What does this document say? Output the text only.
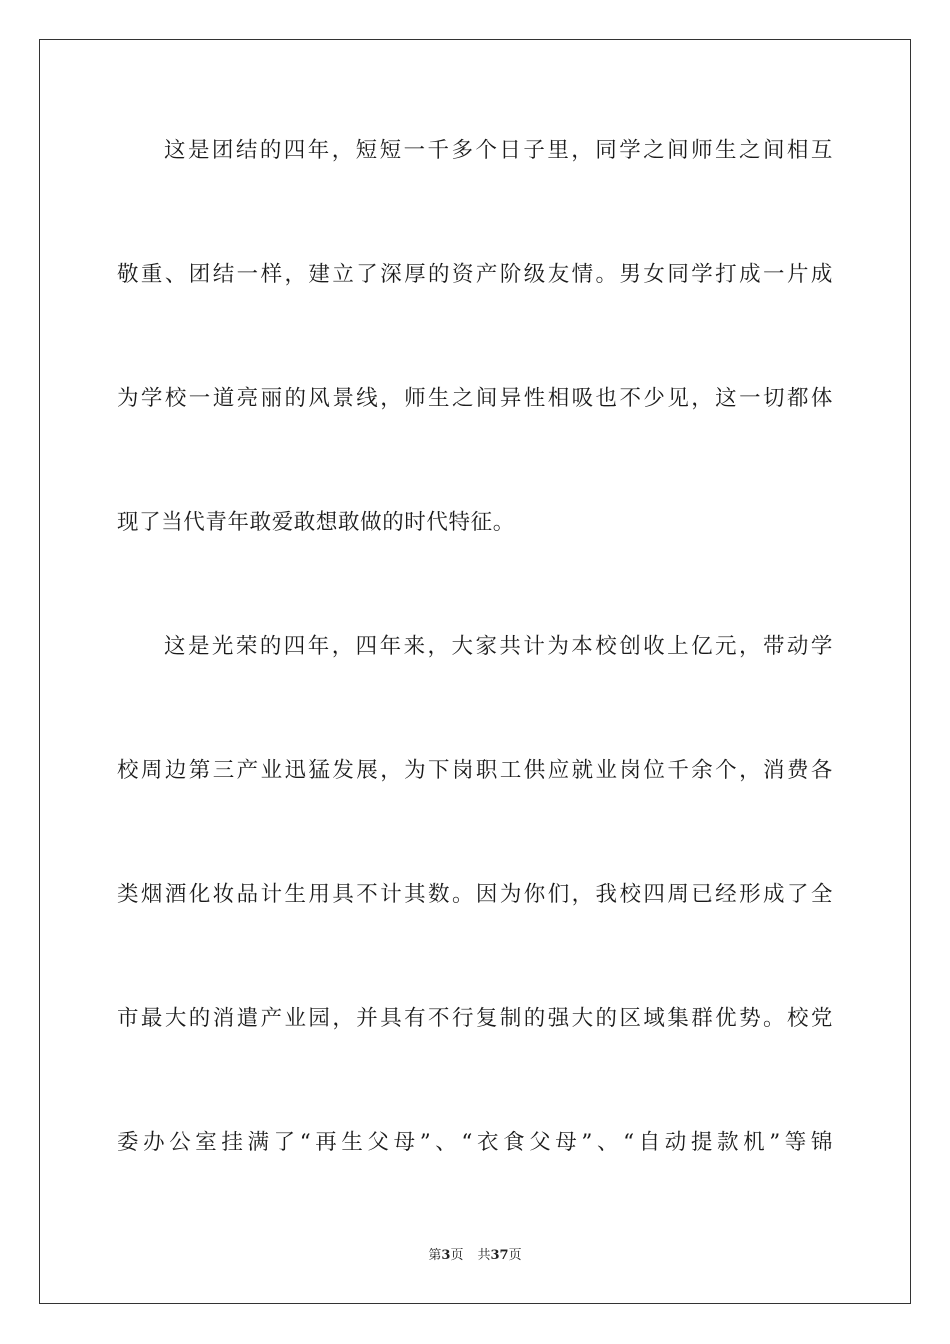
这是团结的四年，短短一千多个日子里，同学之间师生之间相互
敬重、团结一样，建立了深厚的资产阶级友情。男女同学打成一片成
为学校一道亮丽的风景线，师生之间异性相吸也不少见，这一切都体
现了当代青年敢爱敢想敢做的时代特征。
这是光荣的四年，四年来，大家共计为本校创收上亿元，带动学
校周边第三产业迅猛发展，为下岗职工供应就业岗位千余个，消费各
类烟酒化妆品计生用具不计其数。因为你们，我校四周已经形成了全
市最大的消遣产业园，并具有不行复制的强大的区域集群优势。校党
委办公室挂满了“再生父母”、“衣食父母”、“自动提款机”等锦
第3页 共37页
